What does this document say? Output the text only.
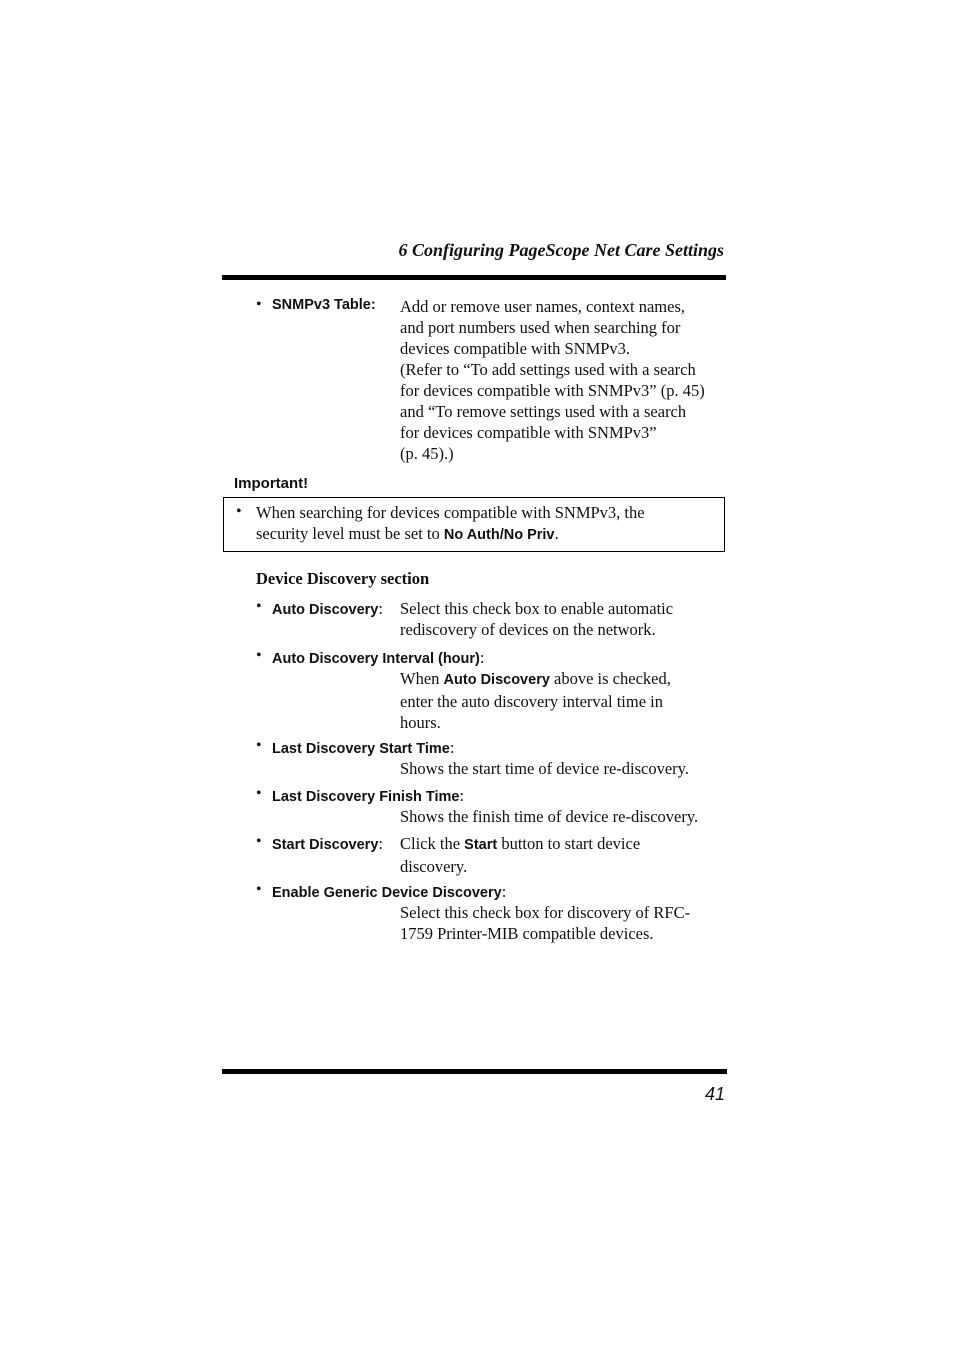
6 Configuring PageScope Net Care Settings
• SNMPv3 Table: Add or remove user names, context names,

and port numbers used when searching for

devices compatible with SNMPv3.

(Refer to “To add settings used with a search

for devices compatible with SNMPv3” (p. 45)

and “To remove settings used with a search

for devices compatible with SNMPv3”

(p. 45).)

Important!
• When searching for devices compatible with SNMPv3, the

security level must be set to No Auth/No Priv.

Device Discovery section
• Auto Discovery: Select this check box to enable automatic

rediscovery of devices on the network.

• Auto Discovery Interval (hour):

When Auto Discovery above is checked,

enter the auto discovery interval time in

hours.

• Last Discovery Start Time:

Shows the start time of device re-discovery.

• Last Discovery Finish Time:

Shows the finish time of device re-discovery.

• Start Discovery: Click the Start button to start device

discovery.

• Enable Generic Device Discovery:

Select this check box for discovery of RFC-

1759 Printer-MIB compatible devices.

41
